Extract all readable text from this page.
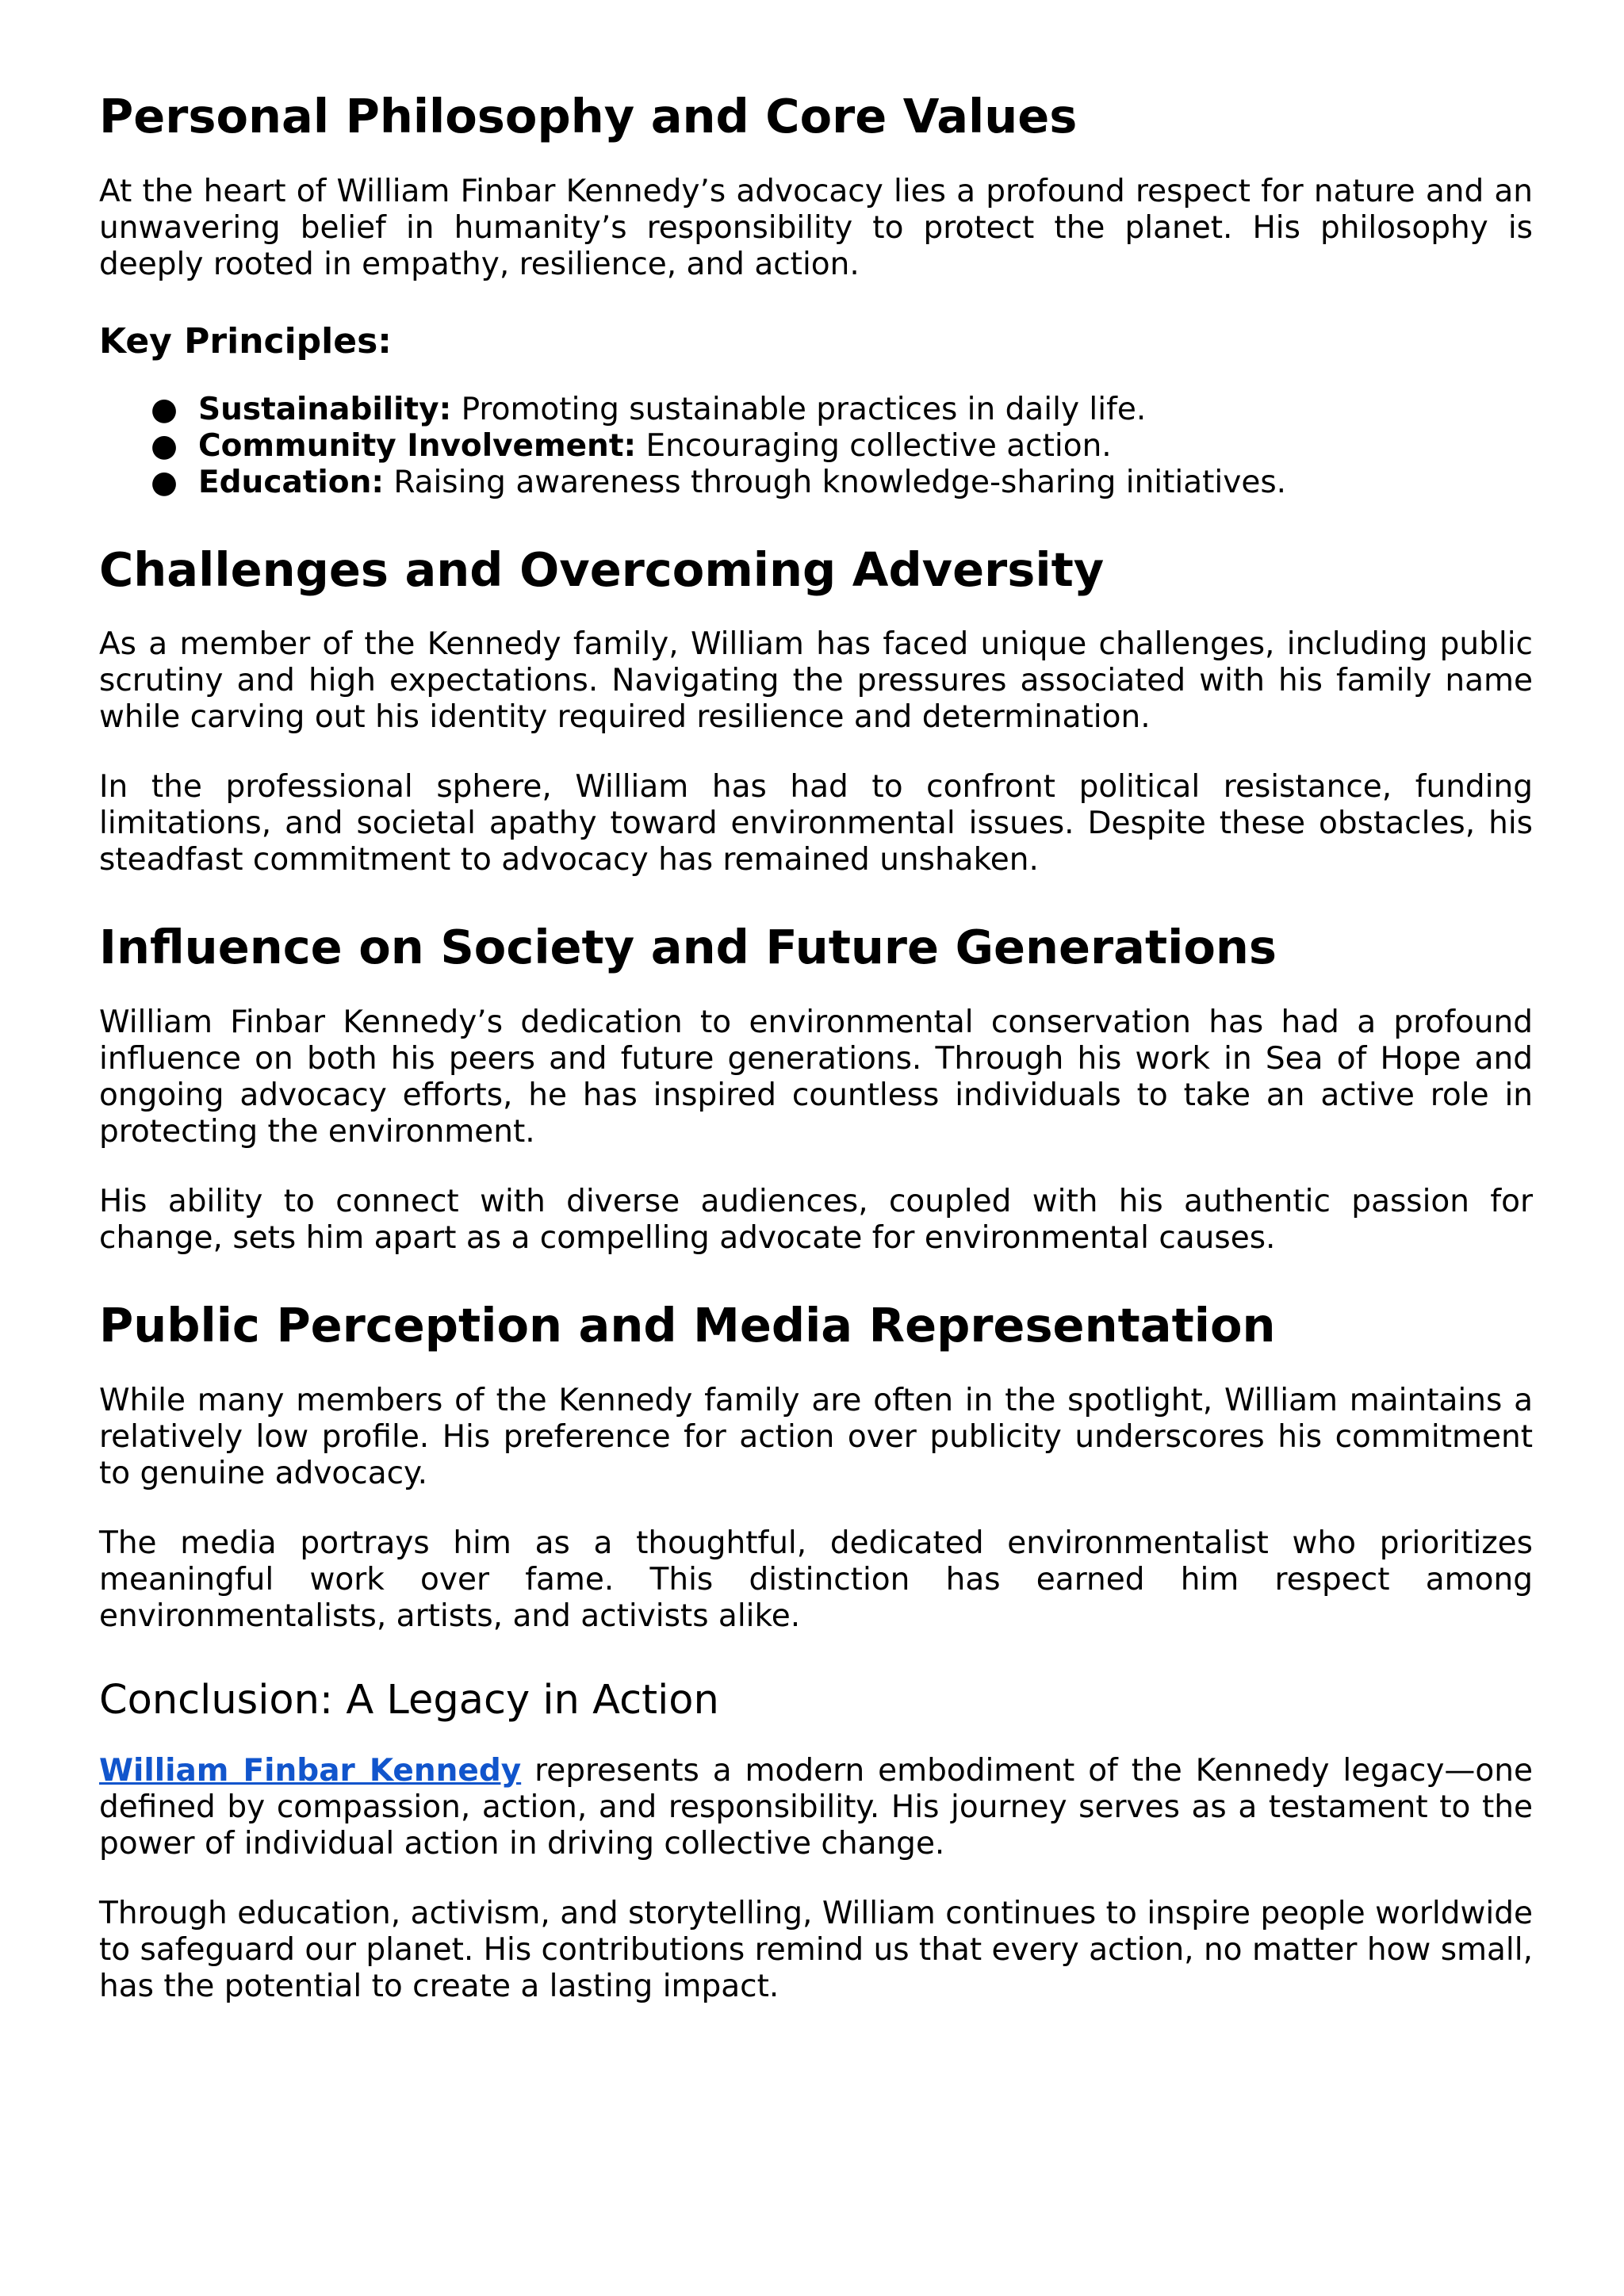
Personal Philosophy and Core Values

At the heart of William Finbar Kennedy’s advocacy lies a profound respect for nature and an unwavering belief in humanity’s responsibility to protect the planet. His philosophy is deeply rooted in empathy, resilience, and action.

Key Principles:
● Sustainability: Promoting sustainable practices in daily life.
● Community Involvement: Encouraging collective action.
● Education: Raising awareness through knowledge-sharing initiatives.
Challenges and Overcoming Adversity

As a member of the Kennedy family, William has faced unique challenges, including public scrutiny and high expectations. Navigating the pressures associated with his family name while carving out his identity required resilience and determination.

In the professional sphere, William has had to confront political resistance, funding limitations, and societal apathy toward environmental issues. Despite these obstacles, his steadfast commitment to advocacy has remained unshaken.

Influence on Society and Future Generations

William Finbar Kennedy’s dedication to environmental conservation has had a profound influence on both his peers and future generations. Through his work in Sea of Hope and ongoing advocacy efforts, he has inspired countless individuals to take an active role in protecting the environment.

His ability to connect with diverse audiences, coupled with his authentic passion for change, sets him apart as a compelling advocate for environmental causes.

Public Perception and Media Representation

While many members of the Kennedy family are often in the spotlight, William maintains a relatively low profile. His preference for action over publicity underscores his commitment to genuine advocacy.

The media portrays him as a thoughtful, dedicated environmentalist who prioritizes meaningful work over fame. This distinction has earned him respect among environmentalists, artists, and activists alike.

Conclusion: A Legacy in Action

William Finbar Kennedy represents a modern embodiment of the Kennedy legacy—one defined by compassion, action, and responsibility. His journey serves as a testament to the power of individual action in driving collective change.

Through education, activism, and storytelling, William continues to inspire people worldwide to safeguard our planet. His contributions remind us that every action, no matter how small, has the potential to create a lasting impact.
